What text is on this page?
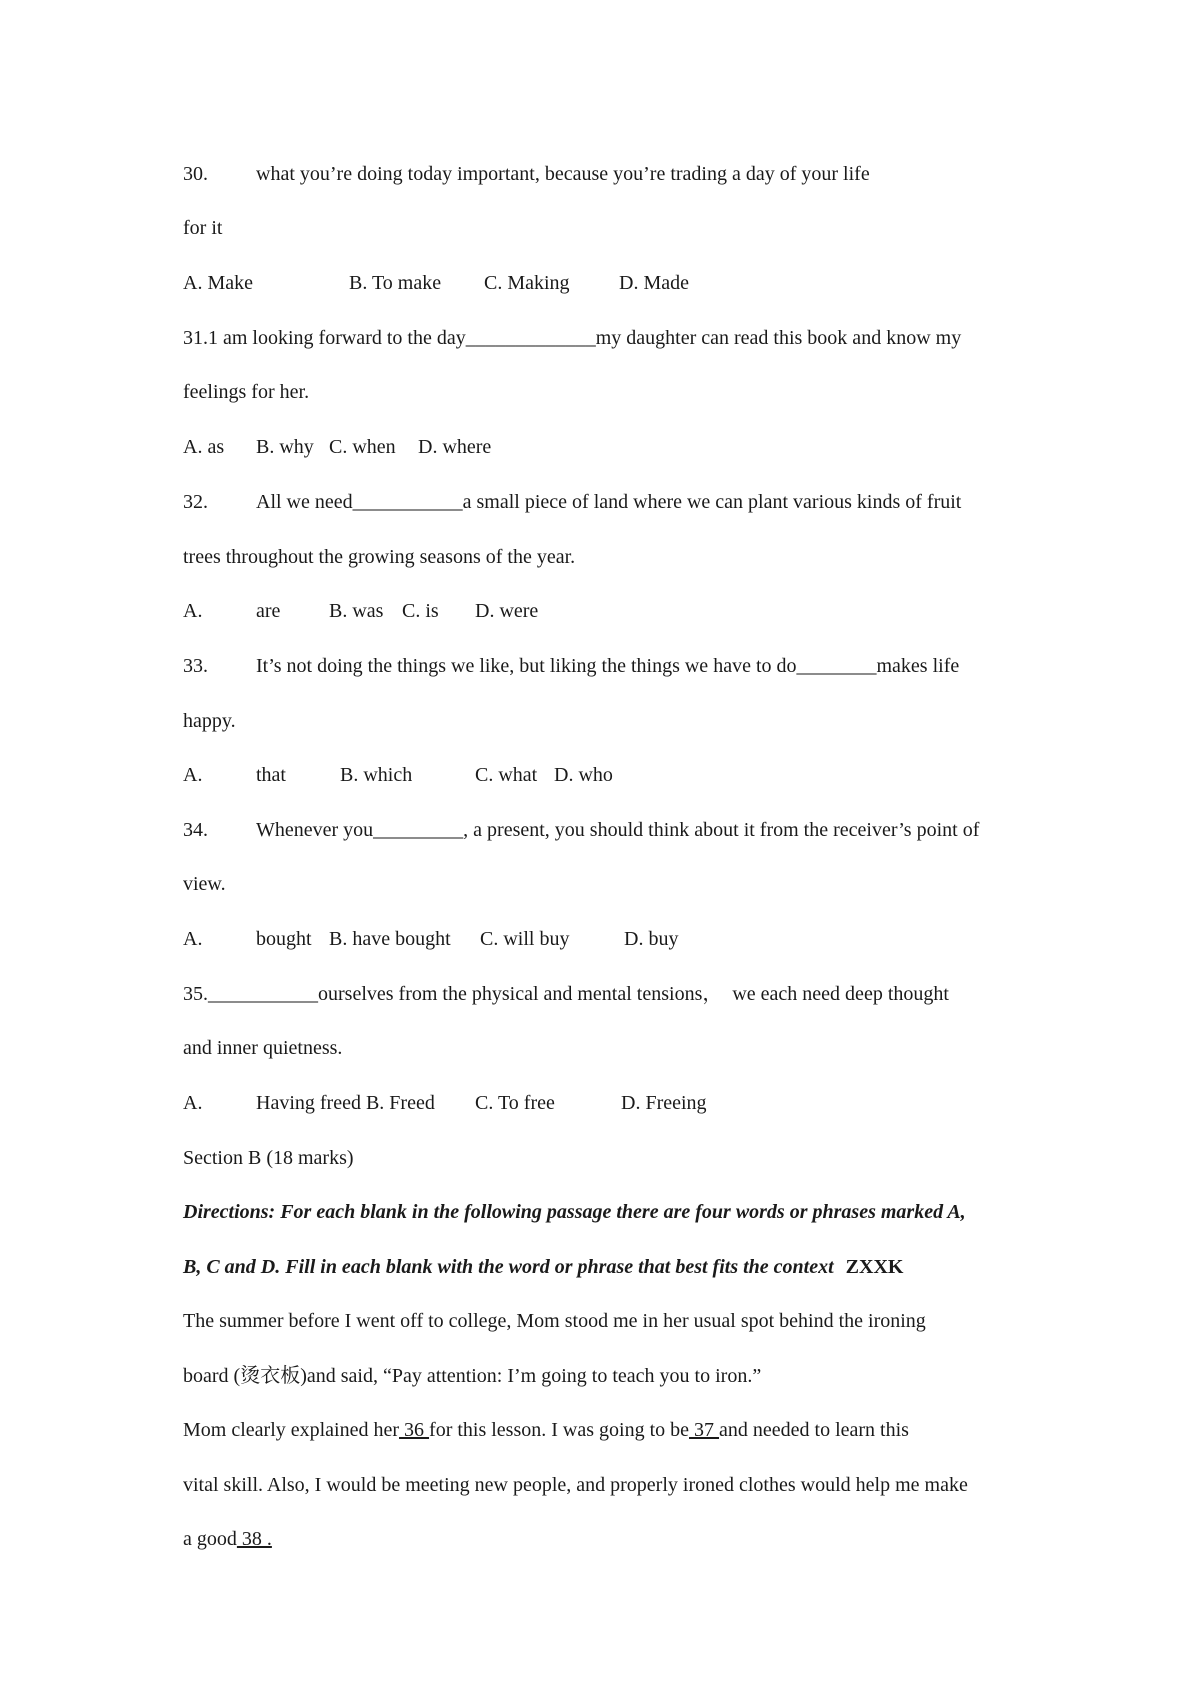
30. what you’re doing today important, because you’re trading a day of your life

for it

A. Make	B. To make C. Making D. Made

31.1 am looking forward to the day_____________my daughter can read this book and know my

feelings for her.

A. as B. why C. when D. where

32. All we need___________a small piece of land where we can plant various kinds of fruit

trees throughout the growing seasons of the year.

A.	are B. was C. is D. were

33. It’s not doing the things we like, but liking the things we have to do________makes life

happy.

A.	that	B. which	C. what D. who

34. Whenever you_________, a present, you should think about it from the receiver’s point of

view.

A.	bought B. have bought C. will buy	D. buy

35.___________ourselves from the physical and mental tensions，  we each need deep thought

and inner quietness.

A.	Having freed B. Freed C. To free	D. Freeing

Section B (18 marks)

Directions: For each blank in the following passage there are four words or phrases marked A,

B, C and D. Fill in each blank with the word or phrase that best fits the context ZXXK

The summer before I went off to college, Mom stood me in her usual spot behind the ironing

board (烫衣板)and said, “Pay attention: I’m going to teach you to iron.”

Mom clearly explained her 36 for this lesson. I was going to be 37 and needed to learn this

vital skill. Also, I would be meeting new people, and properly ironed clothes would help me make

a good 38 .
